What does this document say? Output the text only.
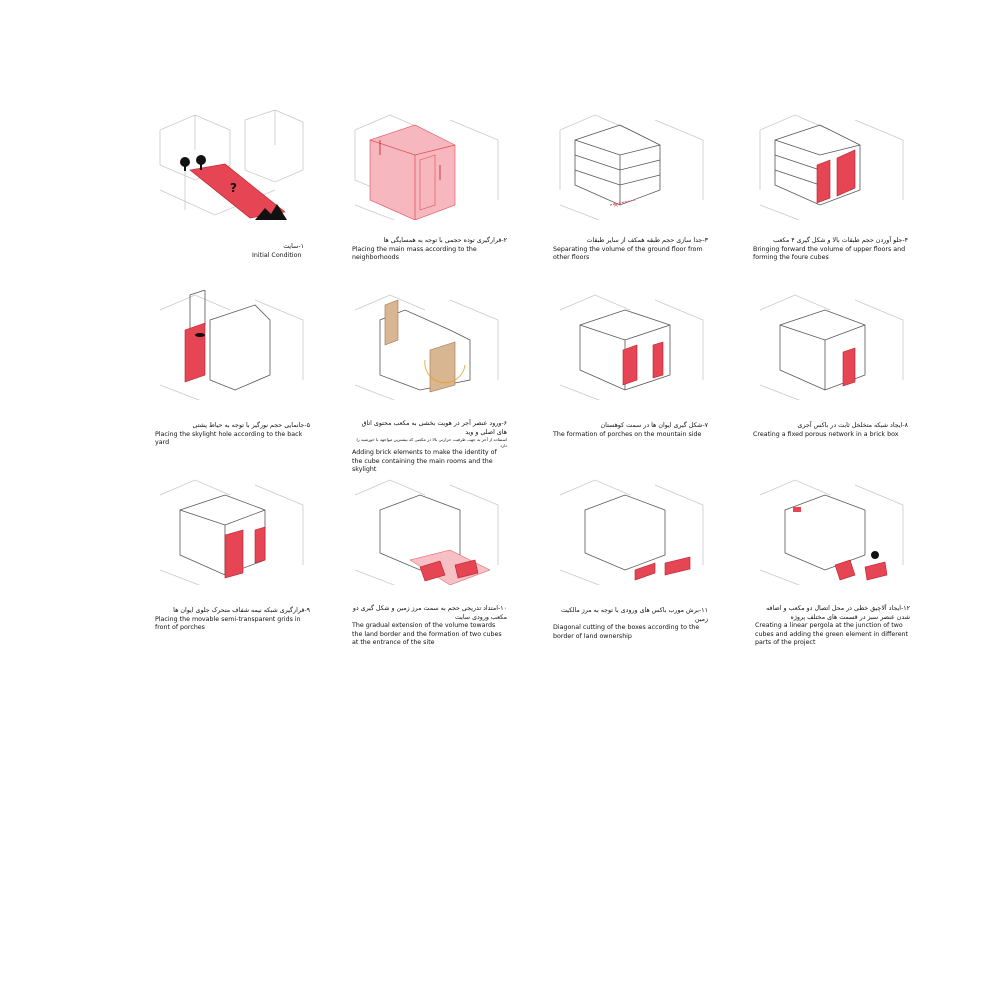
?
۱-سایت
Initial Condition
۲-قرارگیری توده حجمی با توجه به همسایگی ها
Placing the main mass according to the neighborhoods
×
۳-جدا سازی حجم طبقه همکف از سایر طبقات
Separating the volume of the ground floor from other floors
۴-جلو آوردن حجم طبقات بالا و شکل گیری ۴ مکعب
Bringing forward the volume of upper floors and forming the foure cubes
۵-جانمایی حجم نورگیر با توجه به حیاط پشتی
Placing the skylight hole according to the back yard
۶-ورود عنصر آجر در هویت بخشی به مکعب محتوی اتاق های اصلی و وید
استفاده از آجر به جهت ظرفیت حرارتی بالا در مکعبی که بیشترین مواجهه با خورشید را دارد
Adding brick elements to make the identity of the cube containing the main rooms and the skylight
۷-شکل گیری ایوان ها در سمت کوهستان
The formation of porches on the mountain side
۸-ایجاد شبکه متخلخل ثابت در باکس آجری
Creating a fixed porous network in a brick box
۹-قرارگیری شبکه نیمه شفاف متحرک جلوی ایوان ها
Placing the movable semi-transparent grids in front of porches
۱۰-امتداد تدریجی حجم به سمت مرز زمین و شکل گیری دو مکعب ورودی سایت
The gradual extension of the volume towards the land border and the formation of two cubes at the entrance of the site
۱۱-برش مورب باکس های ورودی با توجه به مرز مالکیت زمین
Diagonal cutting of the boxes according to the border of land ownership
۱۲-ایجاد آلاچیق خطی در محل اتصال دو مکعب و اضافه شدن عنصر سبز در قسمت های مختلف پروژه
Creating a linear pergola at the junction of two cubes and adding the green element in different parts of the project
